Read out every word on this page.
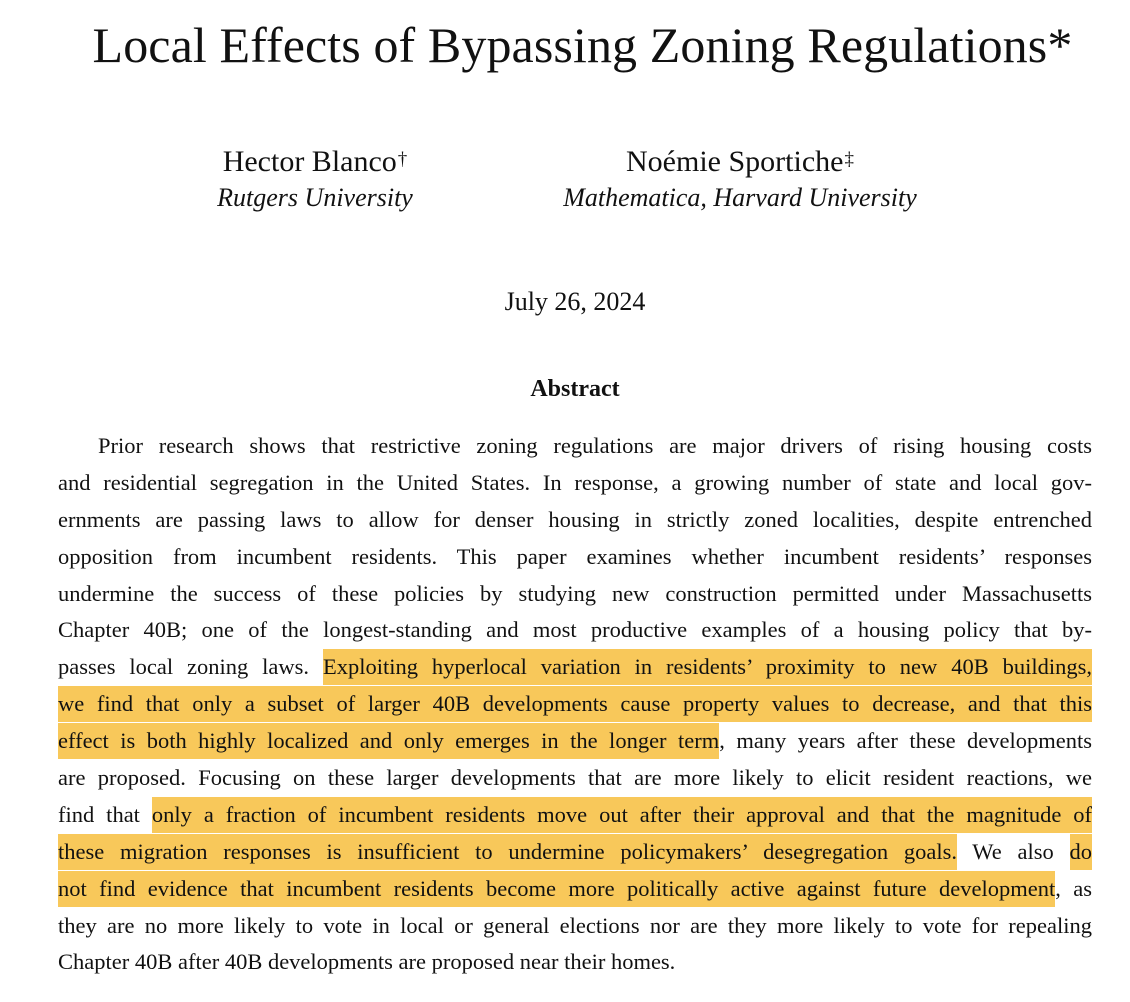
Local Effects of Bypassing Zoning Regulations*
Hector Blanco†
Rutgers University
Noémie Sportiche‡
Mathematica, Harvard University
July 26, 2024
Abstract
Prior research shows that restrictive zoning regulations are major drivers of rising housing costs
and residential segregation in the United States. In response, a growing number of state and local gov-
ernments are passing laws to allow for denser housing in strictly zoned localities, despite entrenched
opposition from incumbent residents. This paper examines whether incumbent residents’ responses
undermine the success of these policies by studying new construction permitted under Massachusetts
Chapter 40B; one of the longest-standing and most productive examples of a housing policy that by-
passes local zoning laws. Exploiting hyperlocal variation in residents’ proximity to new 40B buildings,
we find that only a subset of larger 40B developments cause property values to decrease, and that this
effect is both highly localized and only emerges in the longer term, many years after these developments
are proposed. Focusing on these larger developments that are more likely to elicit resident reactions, we
find that only a fraction of incumbent residents move out after their approval and that the magnitude of
these migration responses is insufficient to undermine policymakers’ desegregation goals. We also do
not find evidence that incumbent residents become more politically active against future development, as
they are no more likely to vote in local or general elections nor are they more likely to vote for repealing
Chapter 40B after 40B developments are proposed near their homes.
